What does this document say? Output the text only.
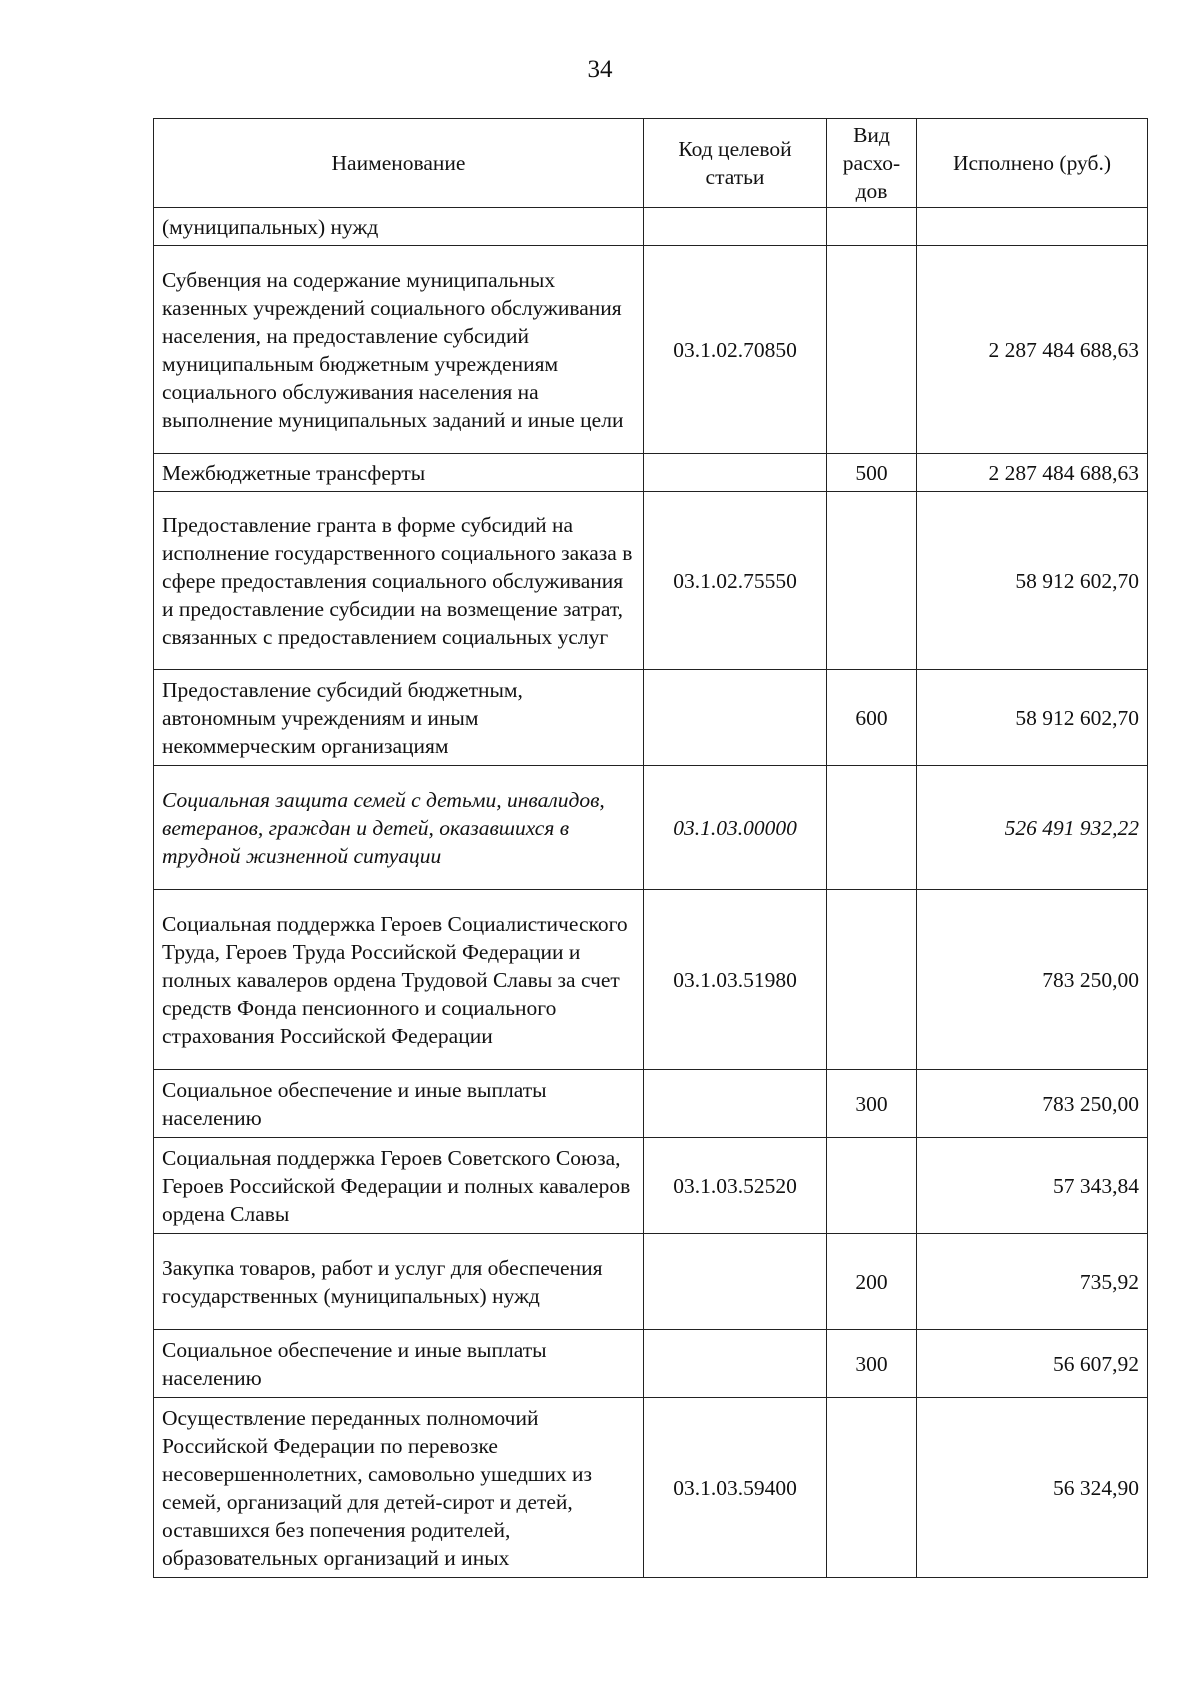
34
Наименование	Код целевой статьи	Вид расхо-дов	Исполнено (руб.)
(муниципальных) нужд			
Субвенция на содержание муниципальных казенных учреждений социального обслуживания населения, на предоставление субсидий муниципальным бюджетным учреждениям социального обслуживания населения на выполнение муниципальных заданий и иные цели	03.1.02.70850		2 287 484 688,63
Межбюджетные трансферты		500	2 287 484 688,63
Предоставление гранта в форме субсидий на исполнение государственного социального заказа в сфере предоставления социального обслуживания и предоставление субсидии на возмещение затрат, связанных с предоставлением социальных услуг	03.1.02.75550		58 912 602,70
Предоставление субсидий бюджетным, автономным учреждениям и иным некоммерческим организациям		600	58 912 602,70
Социальная защита семей с детьми, инвалидов, ветеранов, граждан и детей, оказавшихся в трудной жизненной ситуации	03.1.03.00000		526 491 932,22
Социальная поддержка Героев Социалистического Труда, Героев Труда Российской Федерации и полных кавалеров ордена Трудовой Славы за счет средств Фонда пенсионного и социального страхования Российской Федерации	03.1.03.51980		783 250,00
Социальное обеспечение и иные выплаты населению		300	783 250,00
Социальная поддержка Героев Советского Союза, Героев Российской Федерации и полных кавалеров ордена Славы	03.1.03.52520		57 343,84
Закупка товаров, работ и услуг для обеспечения государственных (муниципальных) нужд		200	735,92
Социальное обеспечение и иные выплаты населению		300	56 607,92
Осуществление переданных полномочий Российской Федерации по перевозке несовершеннолетних, самовольно ушедших из семей, организаций для детей-сирот и детей, оставшихся без попечения родителей, образовательных организаций и иных	03.1.03.59400		56 324,90
